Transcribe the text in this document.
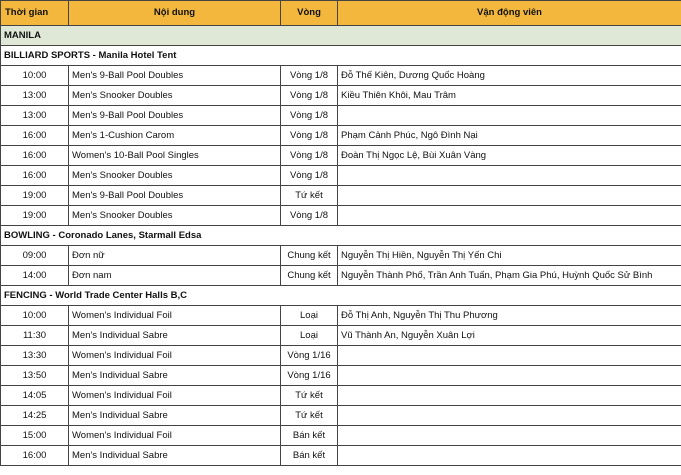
Thời gian	Nội dung	Vòng	Vận động viên
MANILA			
BILLIARD SPORTS - Manila Hotel Tent			
10:00	Men's 9-Ball Pool Doubles	Vòng 1/8	Đỗ Thế Kiên, Dương Quốc Hoàng
13:00	Men's Snooker Doubles	Vòng 1/8	Kiều Thiên Khôi, Mau Trâm
13:00	Men's 9-Ball Pool Doubles	Vòng 1/8	
16:00	Men's 1-Cushion Carom	Vòng 1/8	Phạm Cảnh Phúc, Ngô Đình Nại
16:00	Women's 10-Ball Pool Singles	Vòng 1/8	Đoàn Thị Ngọc Lệ, Bùi Xuân Vàng
16:00	Men's Snooker Doubles	Vòng 1/8	
19:00	Men's 9-Ball Pool Doubles	Tứ kết	
19:00	Men's Snooker Doubles	Vòng 1/8	
BOWLING - Coronado Lanes, Starmall Edsa			
09:00	Đơn nữ	Chung kết	Nguyễn Thị Hiền, Nguyễn Thị Yến Chi
14:00	Đơn nam	Chung kết	Nguyễn Thành Phố, Trần Anh Tuấn, Phạm Gia Phú, Huỳnh Quốc Sử Bình
FENCING - World Trade Center Halls B,C			
10:00	Women's Individual Foil	Loại	Đỗ Thị Anh, Nguyễn Thị Thu Phương
11:30	Men's Individual Sabre	Loại	Vũ Thành An, Nguyễn Xuân Lợi
13:30	Women's Individual Foil	Vòng 1/16	
13:50	Men's Individual Sabre	Vòng 1/16	
14:05	Women's Individual Foil	Tứ kết	
14:25	Men's Individual Sabre	Tứ kết	
15:00	Women's Individual Foil	Bán kết	
16:00	Men's Individual Sabre	Bán kết	
